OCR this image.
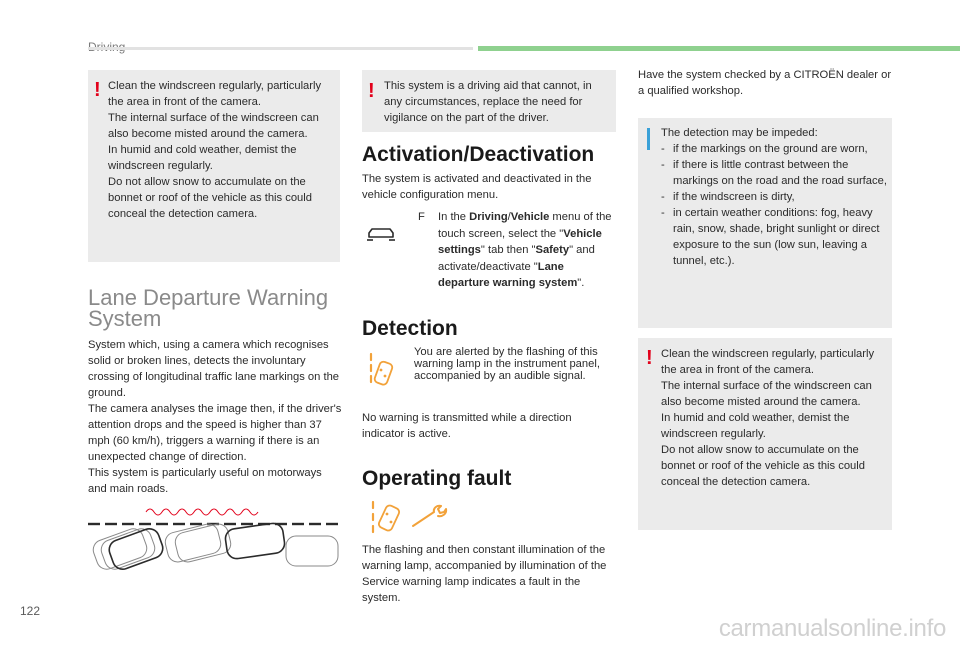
! Clean the windscreen regularly, particularly the area in front of the camera.
The internal surface of the windscreen can also become misted around the camera.
In humid and cold weather, demist the windscreen regularly.
Do not allow snow to accumulate on the bonnet or roof of the vehicle as this could conceal the detection camera.
Lane Departure Warning
System
System which, using a camera which recognises solid or broken lines, detects the involuntary crossing of longitudinal traffic lane markings on the ground.
The camera analyses the image then, if the driver's attention drops and the speed is higher than 37 mph (60 km/h), triggers a warning if there is an unexpected change of direction.
This system is particularly useful on motorways and main roads.
! This system is a driving aid that cannot, in any circumstances, replace the need for vigilance on the part of the driver.
Activation/Deactivation
The system is activated and deactivated in the vehicle configuration menu.
F	In the Driving/Vehicle menu of the touch screen, select the "Vehicle settings" tab then "Safety" and activate/deactivate "Lane departure warning system".
Detection
You are alerted by the flashing of this warning lamp in the instrument panel, accompanied by an audible signal.
No warning is transmitted while a direction indicator is active.
Operating fault
The flashing and then constant illumination of the warning lamp, accompanied by illumination of the Service warning lamp indicates a fault in the system.
Have the system checked by a CITROËN dealer or a qualified workshop.
The detection may be impeded:
- if the markings on the ground are worn,
- if there is little contrast between the markings on the road and the road surface,
- if the windscreen is dirty,
- in certain weather conditions: fog, heavy rain, snow, shade, bright sunlight or direct exposure to the sun (low sun, leaving a tunnel, etc.).
! Clean the windscreen regularly, particularly the area in front of the camera.
The internal surface of the windscreen can also become misted around the camera.
In humid and cold weather, demist the windscreen regularly.
Do not allow snow to accumulate on the bonnet or roof of the vehicle as this could conceal the detection camera.
122
carmanualsonline.info
